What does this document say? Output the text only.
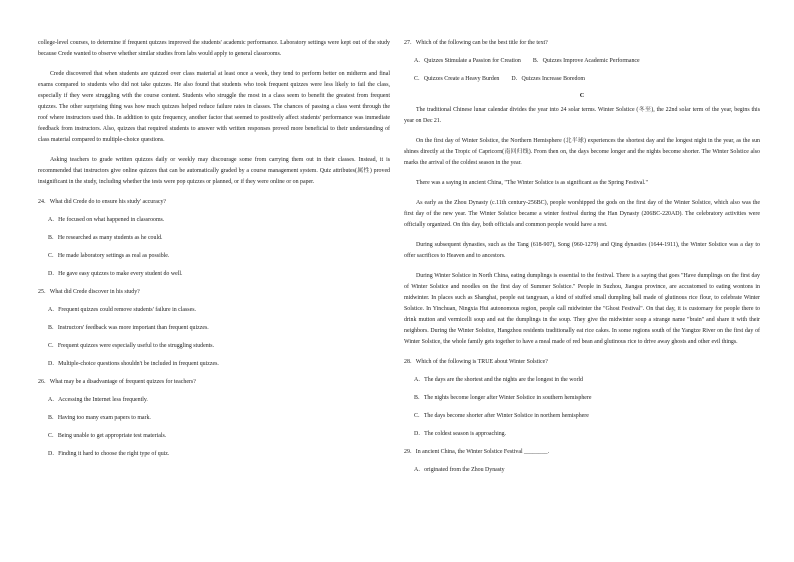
college-level courses, to determine if frequent quizzes improved the students' academic performance. Laboratory settings were kept out of the study because Crede wanted to observe whether similar studies from labs would apply to general classrooms.

Crede discovered that when students are quizzed over class material at least once a week, they tend to perform better on midterm and final exams compared to students who did not take quizzes. He also found that students who took frequent quizzes were less likely to fail the class, especially if they were struggling with the course content. Students who struggle the most in a class seem to benefit the greatest from frequent quizzes. The other surprising thing was how much quizzes helped reduce failure rates in classes. The chances of passing a class went through the roof where instructors used this. In addition to quiz frequency, another factor that seemed to positively affect students' performance was immediate feedback from instructors. Also, quizzes that required students to answer with written responses proved more beneficial to their understanding of class material compared to multiple-choice questions.

Asking teachers to grade written quizzes daily or weekly may discourage some from carrying them out in their classes. Instead, it is recommended that instructors give online quizzes that can be automatically graded by a course management system. Quiz attributes(属性) proved insignificant in the study, including whether the tests were pop quizzes or planned, or if they were online or on paper.

24．What did Crede do to ensure his study' accuracy?
A．He focused on what happened in classrooms.
B．He researched as many students as he could.
C．He made laboratory settings as real as possible.
D．He gave easy quizzes to make every student do well.
25．What did Crede discover in his study?
A．Frequent quizzes could remove students' failure in classes.
B．Instructors' feedback was more important than frequent quizzes.
C．Frequent quizzes were especially useful to the struggling students.
D．Multiple-choice questions shouldn't be included in frequent quizzes.
26．What may be a disadvantage of frequent quizzes for teachers?
A．Accessing the Internet less frequently.
B．Having too many exam papers to mark.
C．Being unable to get appropriate test materials.
D．Finding it hard to choose the right type of quiz.
27．Which of the following can be the best title for the text?
A．Quizzes Stimulate a Passion for Creation B．Quizzes Improve Academic Performance
C．Quizzes Create a Heavy Burden D．Quizzes Increase Boredom
C

The traditional Chinese lunar calendar divides the year into 24 solar terms. Winter Solstice (冬至), the 22nd solar term of the year, begins this year on Dec 21.

On the first day of Winter Solstice, the Northern Hemisphere (北半球) experiences the shortest day and the longest night in the year, as the sun shines directly at the Tropic of Capricorn(南回归线). From then on, the days become longer and the nights become shorter. The Winter Solstice also marks the arrival of the coldest season in the year.

There was a saying in ancient China, "The Winter Solstice is as significant as the Spring Festival."

As early as the Zhou Dynasty (c.11th century-256BC), people worshipped the gods on the first day of the Winter Solstice, which also was the first day of the new year. The Winter Solstice became a winter festival during the Han Dynasty (206BC-220AD). The celebratory activities were officially organized. On this day, both officials and common people would have a rest.

During subsequent dynasties, such as the Tang (618-907), Song (960-1279) and Qing dynasties (1644-1911), the Winter Solstice was a day to offer sacrifices to Heaven and to ancestors.

During Winter Solstice in North China, eating dumplings is essential to the festival. There is a saying that goes "Have dumplings on the first day of Winter Solstice and noodles on the first day of Summer Solstice." People in Suzhou, Jiangsu province, are accustomed to eating wontons in midwinter. In places such as Shanghai, people eat tangyuan, a kind of stuffed small dumpling ball made of glutinous rice flour, to celebrate Winter Solstice. In Yinchuan, Ningxia Hui autonomous region, people call midwinter the "Ghost Festival". On that day, it is customary for people there to drink mutton and vermicelli soup and eat the dumplings in the soup. They give the midwinter soup a strange name "brain" and share it with their neighbors. During the Winter Solstice, Hangzhou residents traditionally eat rice cakes. In some regions south of the Yangtze River on the first day of Winter Solstice, the whole family gets together to have a meal made of red bean and glutinous rice to drive away ghosts and other evil things.

28．Which of the following is TRUE about Winter Solstice?
A．The days are the shortest and the nights are the longest in the world
B．The nights become longer after Winter Solstice in southern hemisphere
C．The days become shorter after Winter Solstice in northern hemisphere
D．The coldest season is approaching.
29．In ancient China, the Winter Solstice Festival ________.
A．originated from the Zhou Dynasty
